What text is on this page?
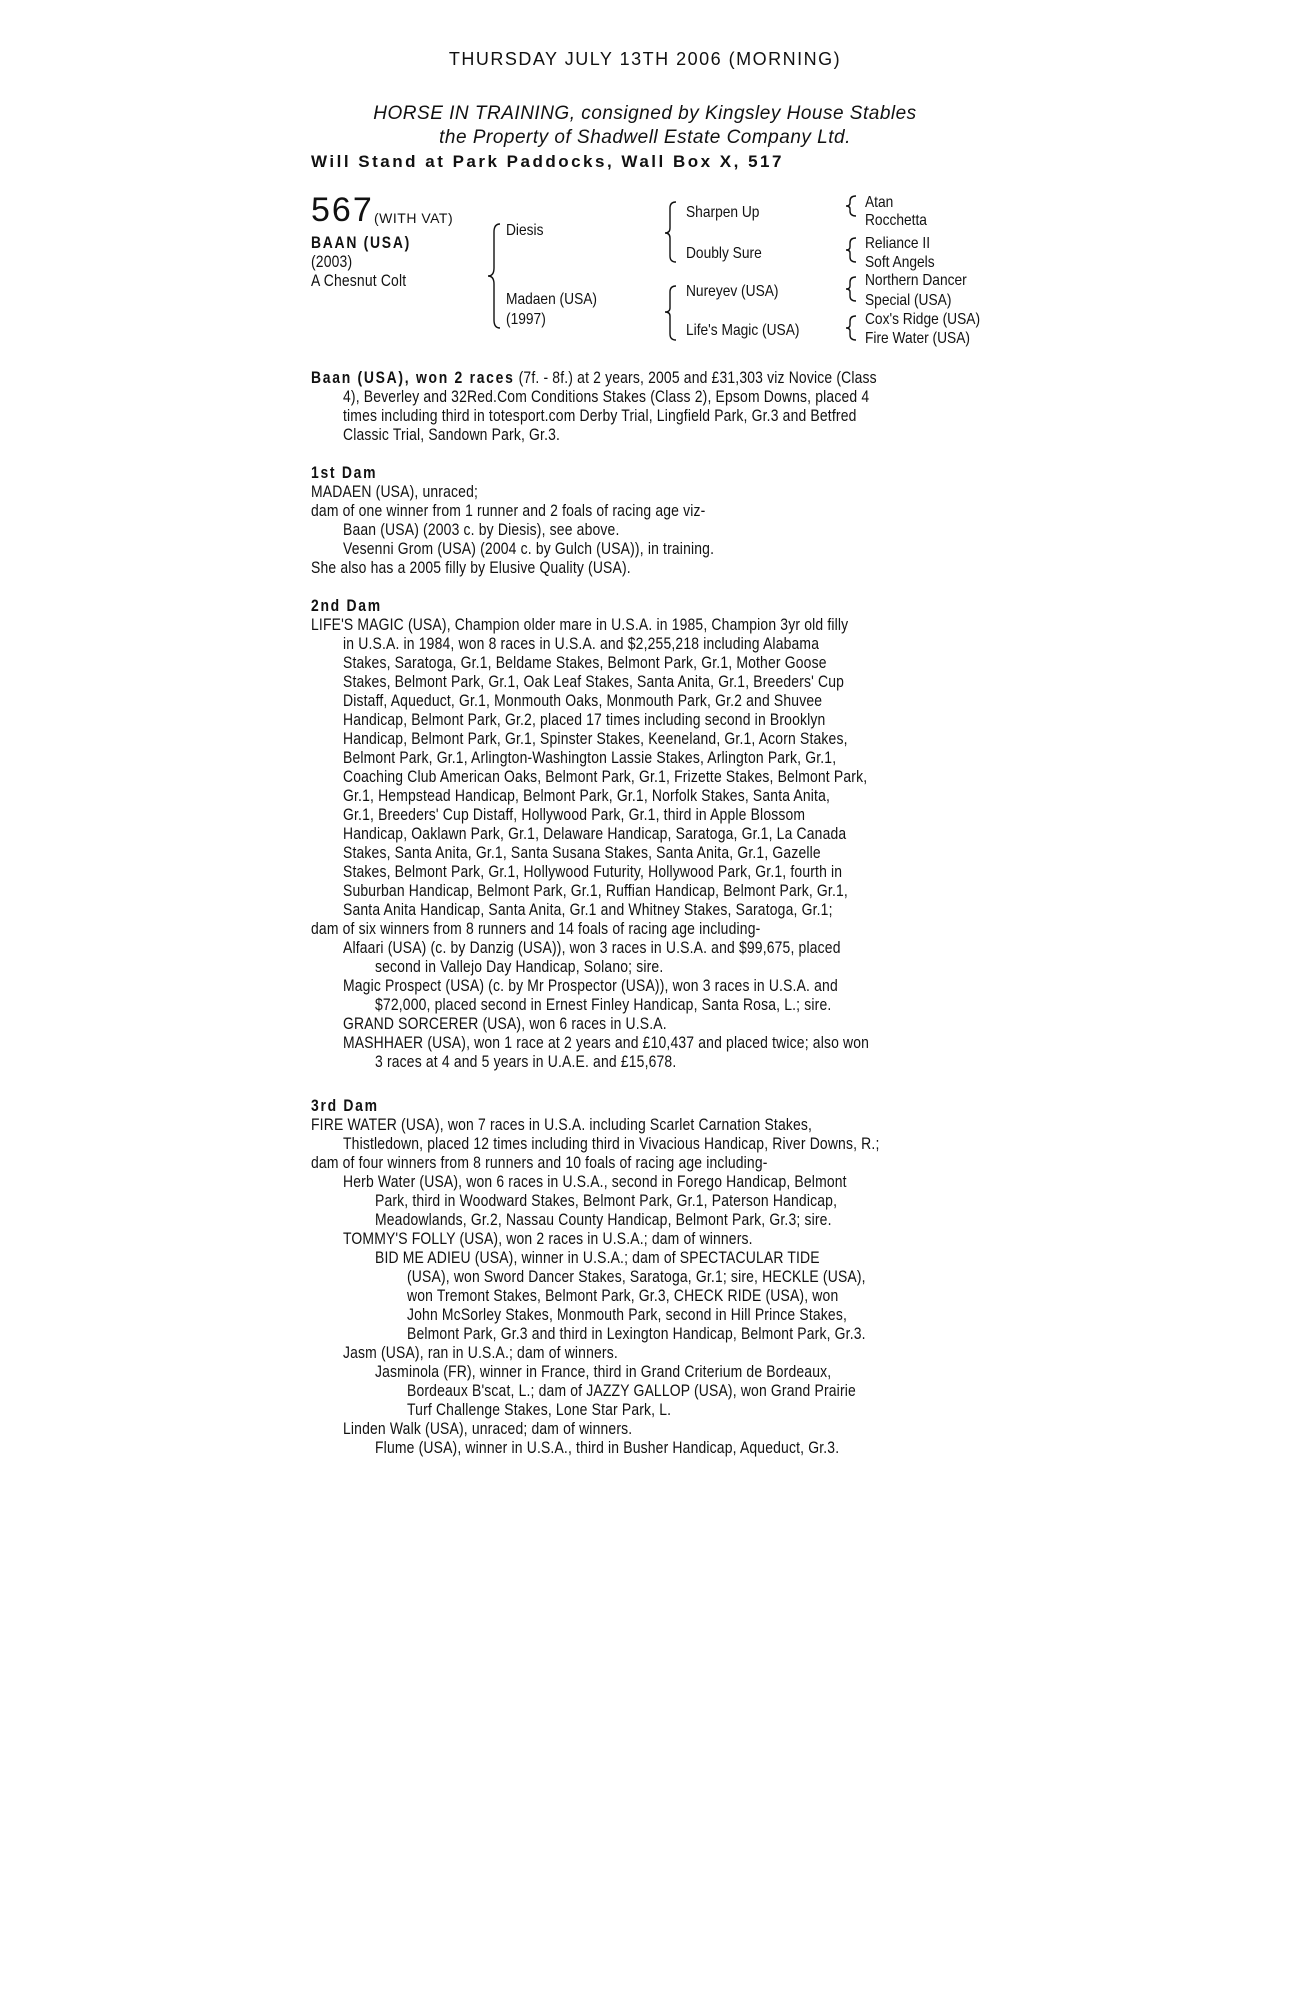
THURSDAY JULY 13TH 2006 (MORNING)
HORSE IN TRAINING, consigned by Kingsley House Stables
the Property of Shadwell Estate Company Ltd.
Will Stand at Park Paddocks, Wall Box X, 517
567 (WITH VAT)
BAAN (USA)
(2003)
A Chesnut Colt
Diesis
Madaen (USA)
(1997)
Sharpen Up
Doubly Sure
Nureyev (USA)
Life's Magic (USA)
Atan
Rocchetta
Reliance II
Soft Angels
Northern Dancer
Special (USA)
Cox's Ridge (USA)
Fire Water (USA)
Baan (USA), won 2 races (7f. - 8f.) at 2 years, 2005 and £31,303 viz Novice (Class
4), Beverley and 32Red.Com Conditions Stakes (Class 2), Epsom Downs, placed 4
times including third in totesport.com Derby Trial, Lingfield Park, Gr.3 and Betfred
Classic Trial, Sandown Park, Gr.3.
1st Dam
MADAEN (USA), unraced;
dam of one winner from 1 runner and 2 foals of racing age viz-
Baan (USA) (2003 c. by Diesis), see above.
Vesenni Grom (USA) (2004 c. by Gulch (USA)), in training.
She also has a 2005 filly by Elusive Quality (USA).
2nd Dam
LIFE'S MAGIC (USA), Champion older mare in U.S.A. in 1985, Champion 3yr old filly
in U.S.A. in 1984, won 8 races in U.S.A. and $2,255,218 including Alabama
Stakes, Saratoga, Gr.1, Beldame Stakes, Belmont Park, Gr.1, Mother Goose
Stakes, Belmont Park, Gr.1, Oak Leaf Stakes, Santa Anita, Gr.1, Breeders' Cup
Distaff, Aqueduct, Gr.1, Monmouth Oaks, Monmouth Park, Gr.2 and Shuvee
Handicap, Belmont Park, Gr.2, placed 17 times including second in Brooklyn
Handicap, Belmont Park, Gr.1, Spinster Stakes, Keeneland, Gr.1, Acorn Stakes,
Belmont Park, Gr.1, Arlington-Washington Lassie Stakes, Arlington Park, Gr.1,
Coaching Club American Oaks, Belmont Park, Gr.1, Frizette Stakes, Belmont Park,
Gr.1, Hempstead Handicap, Belmont Park, Gr.1, Norfolk Stakes, Santa Anita,
Gr.1, Breeders' Cup Distaff, Hollywood Park, Gr.1, third in Apple Blossom
Handicap, Oaklawn Park, Gr.1, Delaware Handicap, Saratoga, Gr.1, La Canada
Stakes, Santa Anita, Gr.1, Santa Susana Stakes, Santa Anita, Gr.1, Gazelle
Stakes, Belmont Park, Gr.1, Hollywood Futurity, Hollywood Park, Gr.1, fourth in
Suburban Handicap, Belmont Park, Gr.1, Ruffian Handicap, Belmont Park, Gr.1,
Santa Anita Handicap, Santa Anita, Gr.1 and Whitney Stakes, Saratoga, Gr.1;
dam of six winners from 8 runners and 14 foals of racing age including-
Alfaari (USA) (c. by Danzig (USA)), won 3 races in U.S.A. and $99,675, placed
second in Vallejo Day Handicap, Solano; sire.
Magic Prospect (USA) (c. by Mr Prospector (USA)), won 3 races in U.S.A. and
$72,000, placed second in Ernest Finley Handicap, Santa Rosa, L.; sire.
GRAND SORCERER (USA), won 6 races in U.S.A.
MASHHAER (USA), won 1 race at 2 years and £10,437 and placed twice; also won
3 races at 4 and 5 years in U.A.E. and £15,678.
3rd Dam
FIRE WATER (USA), won 7 races in U.S.A. including Scarlet Carnation Stakes,
Thistledown, placed 12 times including third in Vivacious Handicap, River Downs, R.;
dam of four winners from 8 runners and 10 foals of racing age including-
Herb Water (USA), won 6 races in U.S.A., second in Forego Handicap, Belmont
Park, third in Woodward Stakes, Belmont Park, Gr.1, Paterson Handicap,
Meadowlands, Gr.2, Nassau County Handicap, Belmont Park, Gr.3; sire.
TOMMY'S FOLLY (USA), won 2 races in U.S.A.; dam of winners.
BID ME ADIEU (USA), winner in U.S.A.; dam of SPECTACULAR TIDE
(USA), won Sword Dancer Stakes, Saratoga, Gr.1; sire, HECKLE (USA),
won Tremont Stakes, Belmont Park, Gr.3, CHECK RIDE (USA), won
John McSorley Stakes, Monmouth Park, second in Hill Prince Stakes,
Belmont Park, Gr.3 and third in Lexington Handicap, Belmont Park, Gr.3.
Jasm (USA), ran in U.S.A.; dam of winners.
Jasminola (FR), winner in France, third in Grand Criterium de Bordeaux,
Bordeaux B'scat, L.; dam of JAZZY GALLOP (USA), won Grand Prairie
Turf Challenge Stakes, Lone Star Park, L.
Linden Walk (USA), unraced; dam of winners.
Flume (USA), winner in U.S.A., third in Busher Handicap, Aqueduct, Gr.3.
